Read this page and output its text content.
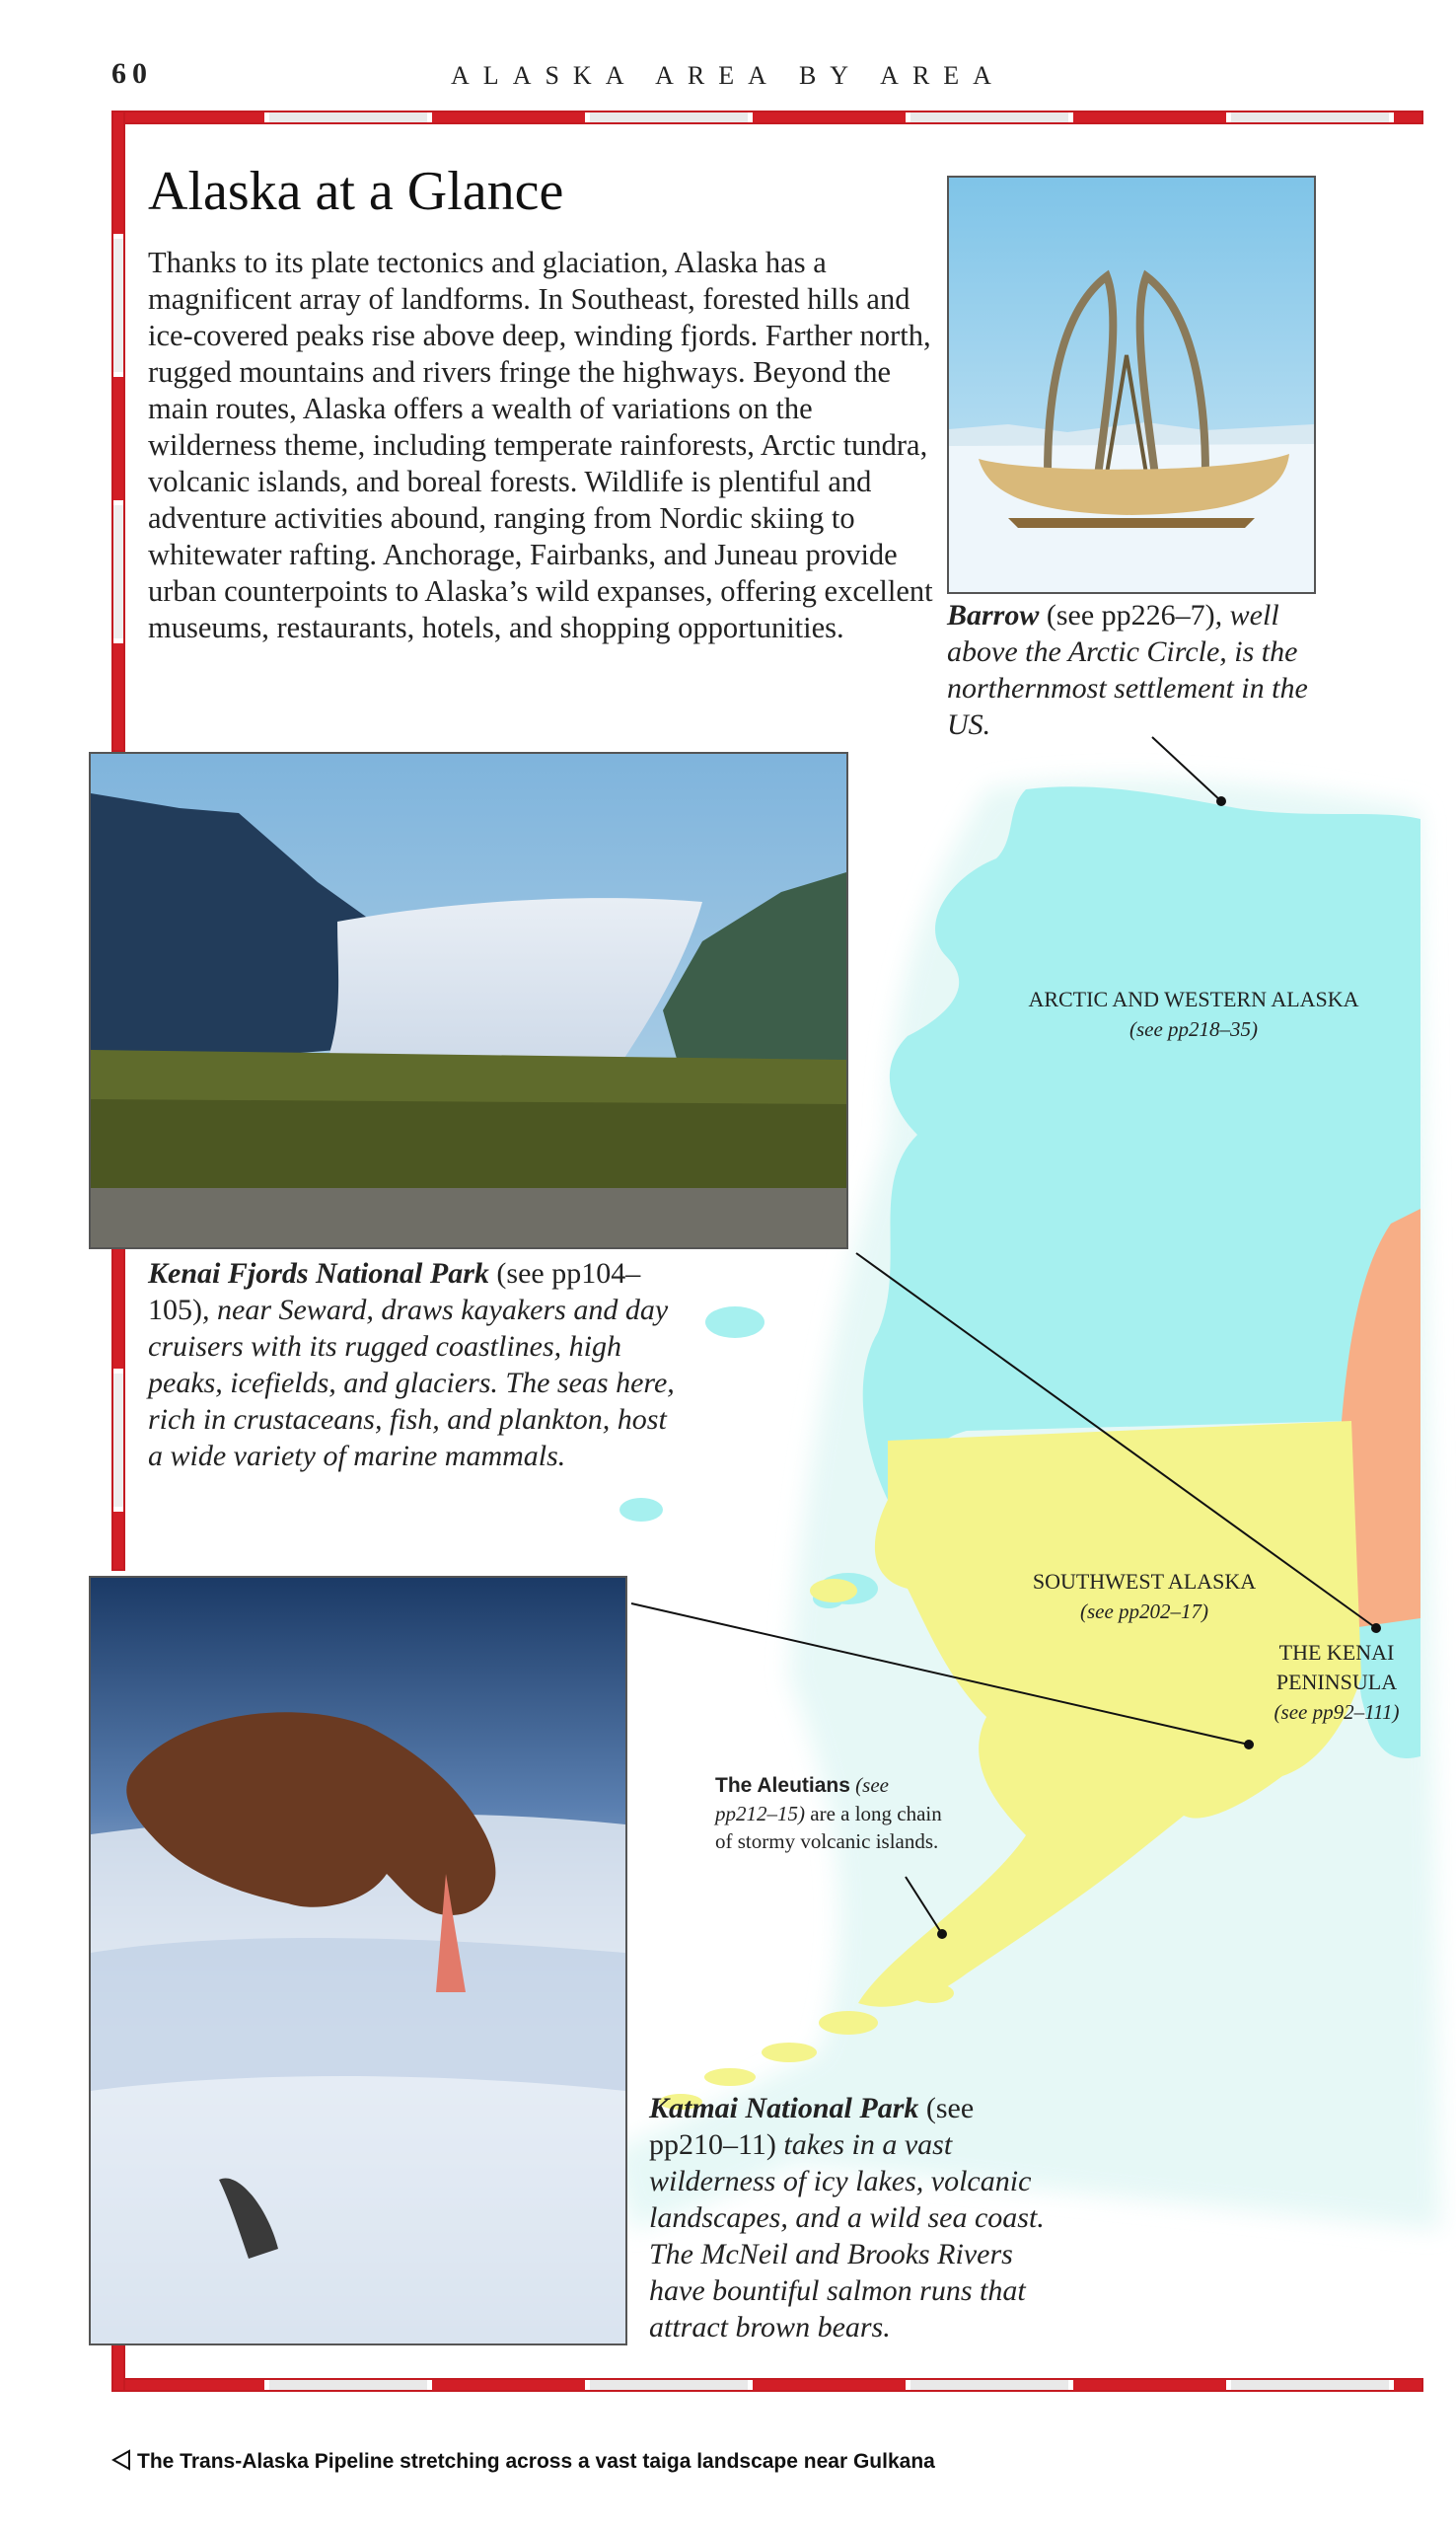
60	ALASKA AREA BY AREA
Alaska at a Glance
Thanks to its plate tectonics and glaciation, Alaska has a magnificent array of landforms. In Southeast, forested hills and ice-covered peaks rise above deep, winding fjords. Farther north, rugged mountains and rivers fringe the highways. Beyond the main routes, Alaska offers a wealth of variations on the wilderness theme, including temperate rainforests, Arctic tundra, volcanic islands, and boreal forests. Wildlife is plentiful and adventure activities abound, ranging from Nordic skiing to whitewater rafting. Anchorage, Fairbanks, and Juneau provide urban counterpoints to Alaska’s wild expanses, offering excellent museums, restaurants, hotels, and shopping opportunities.	Barrow (see pp226–7), well above the Arctic Circle, is the northernmost settlement in the US.
Kenai Fjords National Park (see pp104–105), near Seward, draws kayakers and day cruisers with its rugged coastlines, high peaks, icefields, and glaciers. The seas here, rich in crustaceans, fish, and plankton, host a wide variety of marine mammals.
ARCTIC AND WESTERN ALASKA
(see pp218–35)
SOUTHWEST ALASKA
(see pp202–17)
THE KENAI PENINSULA
(see pp92–111)
The Aleutians (see pp212–15) are a long chain of stormy volcanic islands.
Katmai National Park (see pp210–11) takes in a vast wilderness of icy lakes, volcanic landscapes, and a wild sea coast. The McNeil and Brooks Rivers have bountiful salmon runs that attract brown bears.
The Trans-Alaska Pipeline stretching across a vast taiga landscape near Gulkana
